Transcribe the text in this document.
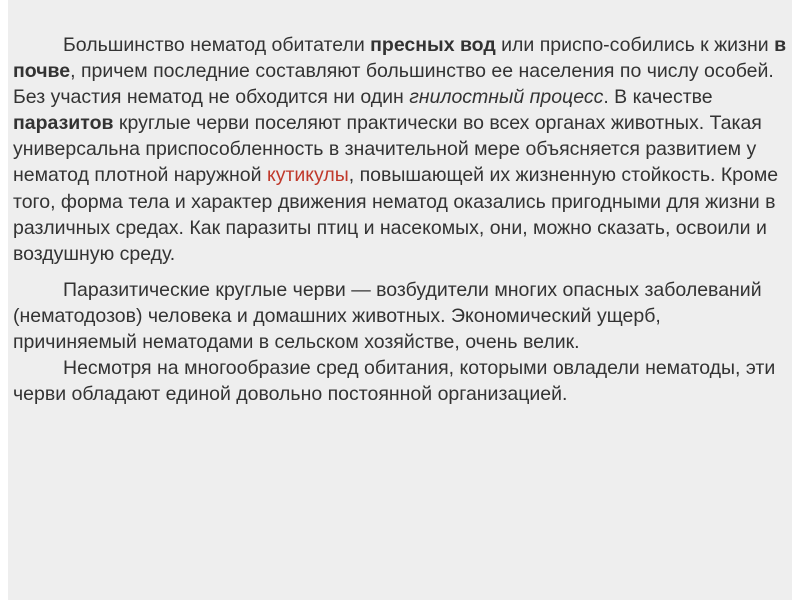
Большинство нематод обитатели пресных вод или приспо-собились к жизни в почве, причем последние составляют большинство ее населения по числу особей. Без участия нематод не обходится ни один гнилостный процесс. В качестве паразитов круглые черви поселяют практически во всех органах животных. Такая универсальна приспособленность в значительной мере объясняется развитием у нематод плотной наружной кутикулы, повышающей их жизненную стойкость. Кроме того, форма тела и характер движения нематод оказались пригодными для жизни в различных средах. Как паразиты птиц и насекомых, они, можно сказать, освоили и воздушную среду.

Паразитические круглые черви — возбудители многих опасных заболеваний (нематодозов) человека и домашних животных. Экономический ущерб, причиняемый нематодами в сельском хозяйстве, очень велик.

Несмотря на многообразие сред обитания, которыми овладели нематоды, эти черви обладают единой довольно постоянной организацией.
